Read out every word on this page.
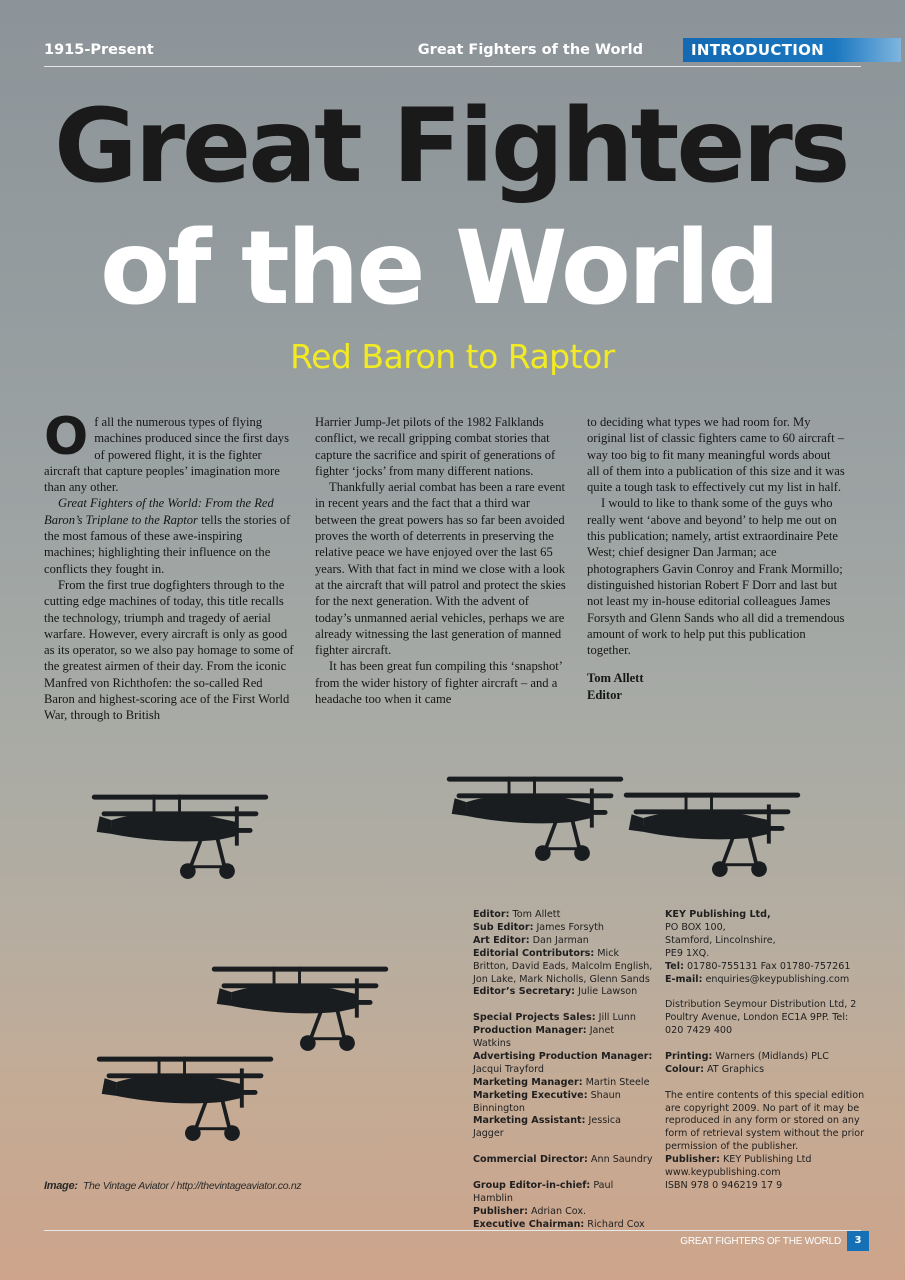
1915-Present	Great Fighters of the World	INTRODUCTION
Great Fighters
of the World
Red Baron to Raptor
O f all the numerous types of flying machines produced since the first days of powered flight, it is the fighter aircraft that capture peoples’ imagination more than any other.

Great Fighters of the World: From the Red Baron’s Triplane to the Raptor tells the stories of the most famous of these awe-inspiring machines; highlighting their influence on the conflicts they fought in.

From the first true dogfighters through to the cutting edge machines of today, this title recalls the technology, triumph and tragedy of aerial warfare. However, every aircraft is only as good as its operator, so we also pay homage to some of the greatest airmen of their day. From the iconic Manfred von Richthofen: the so-called Red Baron and highest-scoring ace of the First World War, through to British

Harrier Jump-Jet pilots of the 1982 Falklands conflict, we recall gripping combat stories that capture the sacrifice and spirit of generations of fighter ‘jocks’ from many different nations.

Thankfully aerial combat has been a rare event in recent years and the fact that a third war between the great powers has so far been avoided proves the worth of deterrents in preserving the relative peace we have enjoyed over the last 65 years. With that fact in mind we close with a look at the aircraft that will patrol and protect the skies for the next generation. With the advent of today’s unmanned aerial vehicles, perhaps we are already witnessing the last generation of manned fighter aircraft.

It has been great fun compiling this ‘snapshot’ from the wider history of fighter aircraft – and a headache too when it came

to deciding what types we had room for. My original list of classic fighters came to 60 aircraft – way too big to fit many meaningful words about all of them into a publication of this size and it was quite a tough task to effectively cut my list in half.

I would to like to thank some of the guys who really went ‘above and beyond’ to help me out on this publication; namely, artist extraordinaire Pete West; chief designer Dan Jarman; ace photographers Gavin Conroy and Frank Mormillo; distinguished historian Robert F Dorr and last but not least my in-house editorial colleagues James Forsyth and Glenn Sands who all did a tremendous amount of work to help put this publication together.

Tom Allett
Editor
Editor: Tom Allett
Sub Editor: James Forsyth
Art Editor: Dan Jarman
Editorial Contributors: Mick Britton, David Eads, Malcolm English, Jon Lake, Mark Nicholls, Glenn Sands
Editor’s Secretary: Julie Lawson
Special Projects Sales: Jill Lunn
Production Manager: Janet Watkins
Advertising Production Manager: Jacqui Trayford
Marketing Manager: Martin Steele
Marketing Executive: Shaun Binnington
Marketing Assistant: Jessica Jagger
Commercial Director: Ann Saundry
Group Editor-in-chief: Paul Hamblin
Publisher: Adrian Cox.
Executive Chairman: Richard Cox
KEY Publishing Ltd,
PO BOX 100,
Stamford, Lincolnshire,
PE9 1XQ.
Tel: 01780-755131 Fax 01780-757261
E-mail: enquiries@keypublishing.com
Distribution Seymour Distribution Ltd, 2 Poultry Avenue, London EC1A 9PP. Tel: 020 7429 400
Printing: Warners (Midlands) PLC
Colour: AT Graphics
The entire contents of this special edition are copyright 2009. No part of it may be reproduced in any form or stored on any form of retrieval system without the prior permission of the publisher.
Publisher: KEY Publishing Ltd
www.keypublishing.com
ISBN 978 0 946219 17 9
Image: The Vintage Aviator / http://thevintageaviator.co.nz
GREAT FIGHTERS OF THE WORLD	3
